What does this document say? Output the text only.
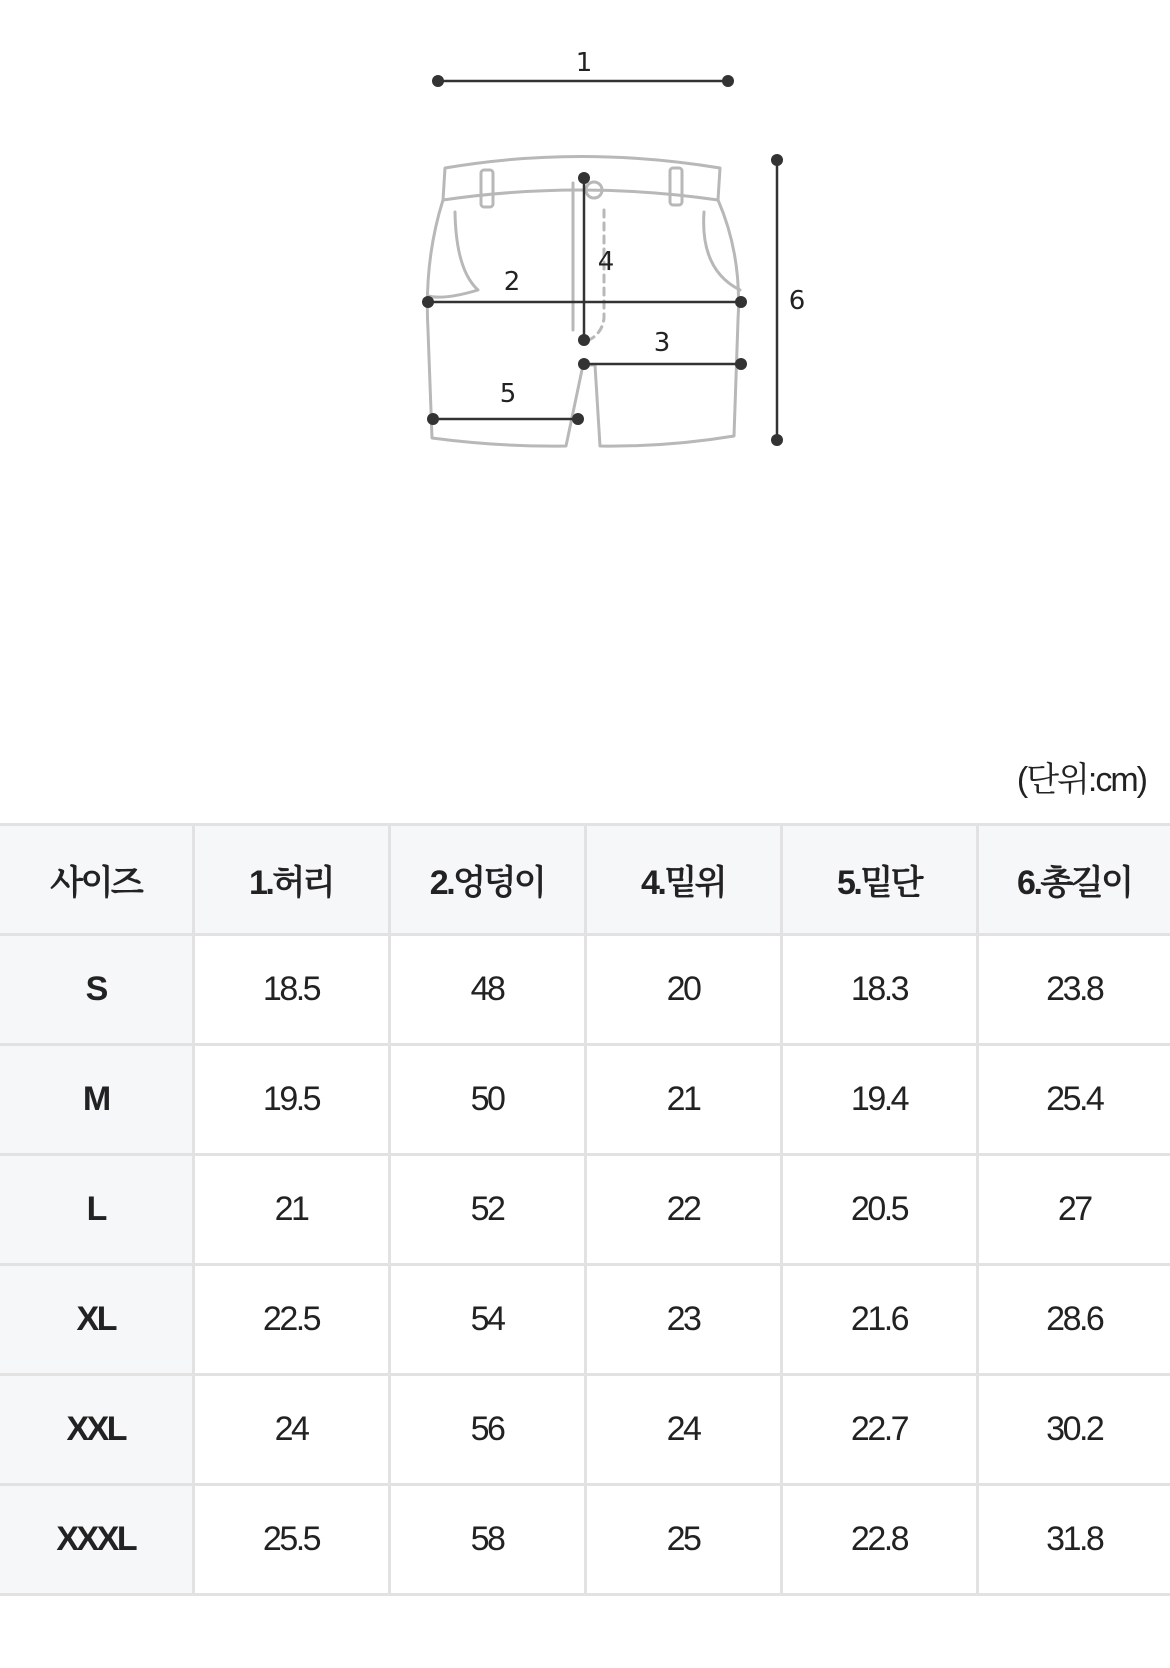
1
2
3
4
5
6
(단위:cm)
사이즈	1.허리	2.엉덩이	4.밑위	5.밑단	6.총길이
S	18.5	48	20	18.3	23.8
M	19.5	50	21	19.4	25.4
L	21	52	22	20.5	27
XL	22.5	54	23	21.6	28.6
XXL	24	56	24	22.7	30.2
XXXL	25.5	58	25	22.8	31.8
